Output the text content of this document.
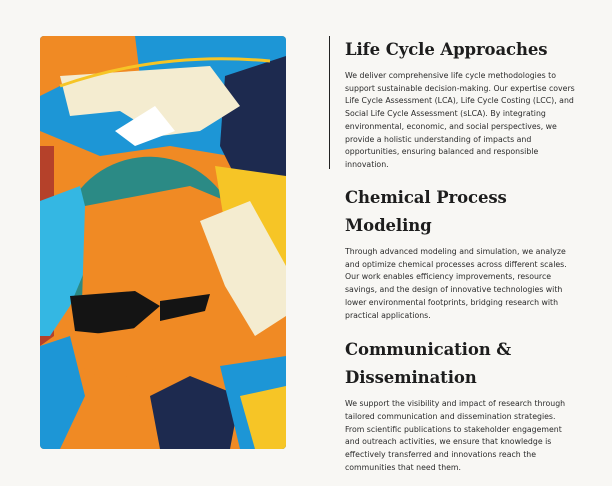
Life Cycle Approaches

We deliver comprehensive life cycle methodologies to support sustainable decision-making. Our expertise covers Life Cycle Assessment (LCA), Life Cycle Costing (LCC), and Social Life Cycle Assessment (sLCA). By integrating environmental, economic, and social perspectives, we provide a holistic understanding of impacts and opportunities, ensuring balanced and responsible innovation.

Chemical Process Modeling

Through advanced modeling and simulation, we analyze and optimize chemical processes across different scales. Our work enables efficiency improvements, resource savings, and the design of innovative technologies with lower environmental footprints, bridging research with practical applications.

Communication & Dissemination

We support the visibility and impact of research through tailored communication and dissemination strategies. From scientific publications to stakeholder engagement and outreach activities, we ensure that knowledge is effectively transferred and innovations reach the communities that need them.
